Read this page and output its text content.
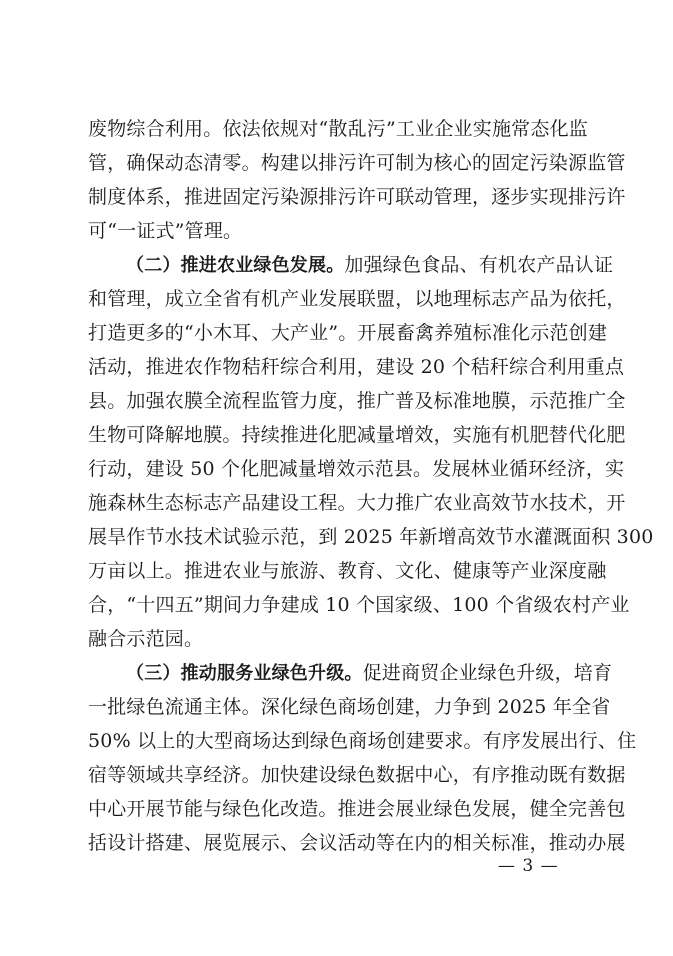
废物综合利用。依法依规对“散乱污”工业企业实施常态化监
管，确保动态清零。构建以排污许可制为核心的固定污染源监管
制度体系，推进固定污染源排污许可联动管理，逐步实现排污许
可“一证式”管理。
（二）推进农业绿色发展。加强绿色食品、有机农产品认证
和管理，成立全省有机产业发展联盟，以地理标志产品为依托，
打造更多的“小木耳、大产业”。开展畜禽养殖标准化示范创建
活动，推进农作物秸秆综合利用，建设 20 个秸秆综合利用重点
县。加强农膜全流程监管力度，推广普及标准地膜，示范推广全
生物可降解地膜。持续推进化肥减量增效，实施有机肥替代化肥
行动，建设 50 个化肥减量增效示范县。发展林业循环经济，实
施森林生态标志产品建设工程。大力推广农业高效节水技术，开
展旱作节水技术试验示范，到 2025 年新增高效节水灌溉面积 300
万亩以上。推进农业与旅游、教育、文化、健康等产业深度融
合，“十四五”期间力争建成 10 个国家级、100 个省级农村产业
融合示范园。
（三）推动服务业绿色升级。促进商贸企业绿色升级，培育
一批绿色流通主体。深化绿色商场创建，力争到 2025 年全省
50% 以上的大型商场达到绿色商场创建要求。有序发展出行、住
宿等领域共享经济。加快建设绿色数据中心，有序推动既有数据
中心开展节能与绿色化改造。推进会展业绿色发展，健全完善包
括设计搭建、展览展示、会议活动等在内的相关标准，推动办展
— 3 —
